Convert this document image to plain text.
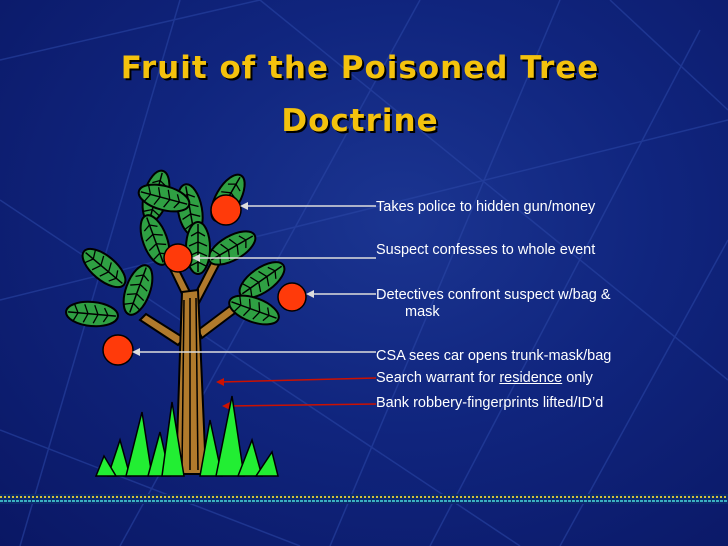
Fruit of the Poisoned Tree
Doctrine
Takes police to hidden gun/money
Suspect confesses to whole event
Detectives confront suspect w/bag &
mask
CSA sees car opens trunk-mask/bag
Search warrant for residence only
Bank robbery-fingerprints lifted/ID’d
